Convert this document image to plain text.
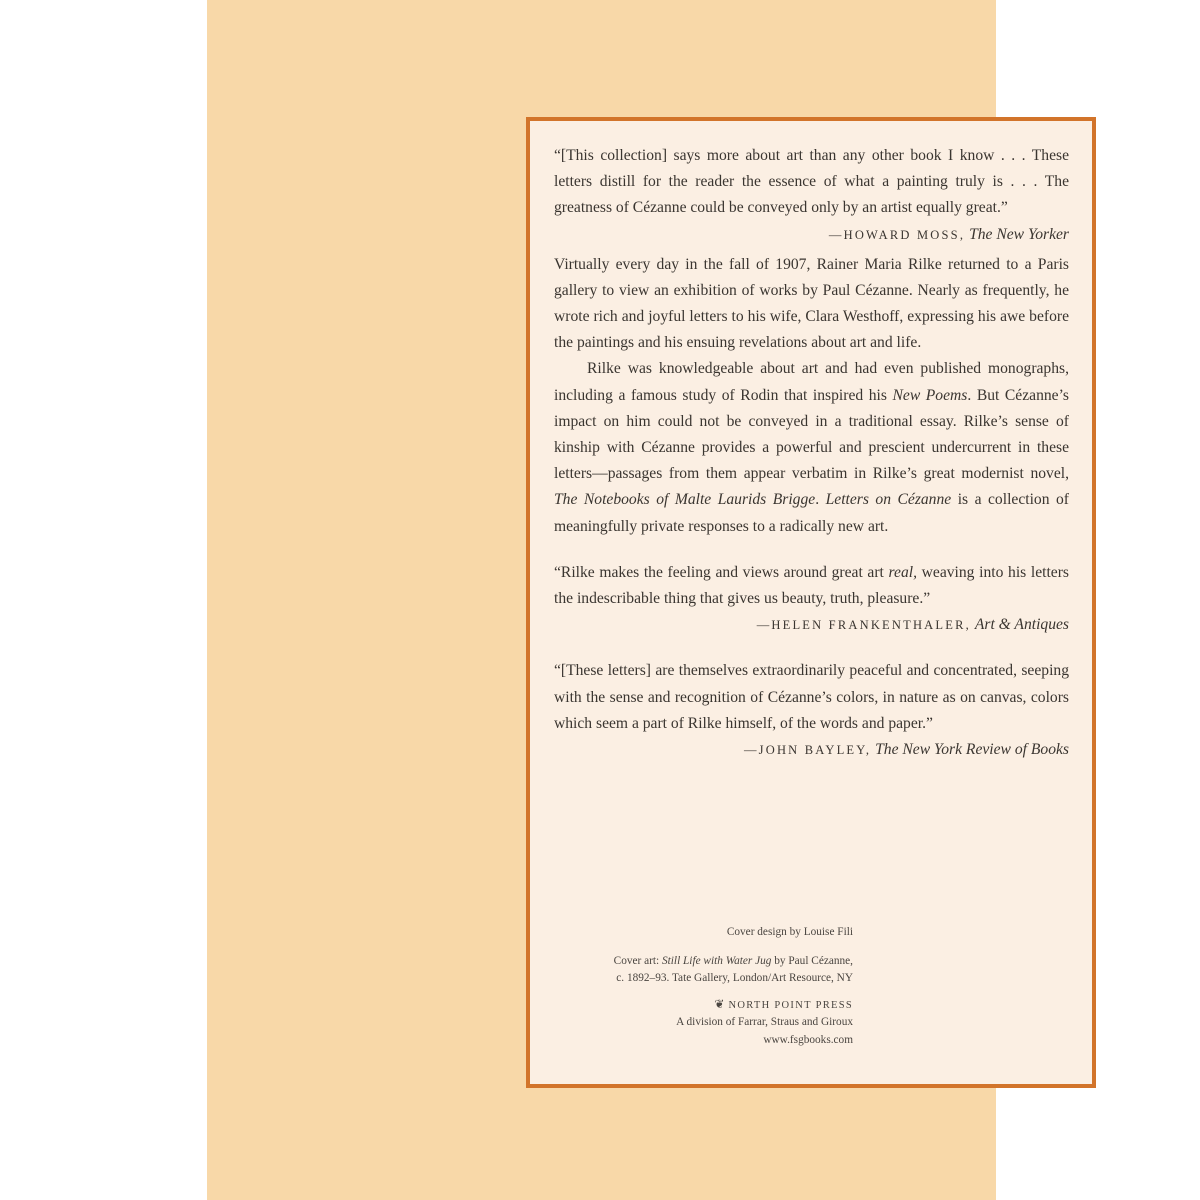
“[This collection] says more about art than any other book I know . . . These letters distill for the reader the essence of what a painting truly is . . . The greatness of Cézanne could be conveyed only by an artist equally great.”
—HOWARD MOSS, The New Yorker

Virtually every day in the fall of 1907, Rainer Maria Rilke returned to a Paris gallery to view an exhibition of works by Paul Cézanne. Nearly as frequently, he wrote rich and joyful letters to his wife, Clara Westhoff, expressing his awe before the paintings and his ensuing revelations about art and life.

Rilke was knowledgeable about art and had even published monographs, including a famous study of Rodin that inspired his New Poems. But Cézanne’s impact on him could not be conveyed in a traditional essay. Rilke’s sense of kinship with Cézanne provides a powerful and prescient undercurrent in these letters—passages from them appear verbatim in Rilke’s great modernist novel, The Notebooks of Malte Laurids Brigge. Letters on Cézanne is a collection of meaningfully private responses to a radically new art.

“Rilke makes the feeling and views around great art real, weaving into his letters the indescribable thing that gives us beauty, truth, pleasure.”

—HELEN FRANKENTHALER, Art & Antiques

“[These letters] are themselves extraordinarily peaceful and concentrated, seeping with the sense and recognition of Cézanne’s colors, in nature as on canvas, colors which seem a part of Rilke himself, of the words and paper.”

—JOHN BAYLEY, The New York Review of Books

Cover design by Louise Fili
Cover art: Still Life with Water Jug by Paul Cézanne,
c. 1892–93. Tate Gallery, London/Art Resource, NY
❦ NORTH POINT PRESS
A division of Farrar, Straus and Giroux
www.fsgbooks.com
